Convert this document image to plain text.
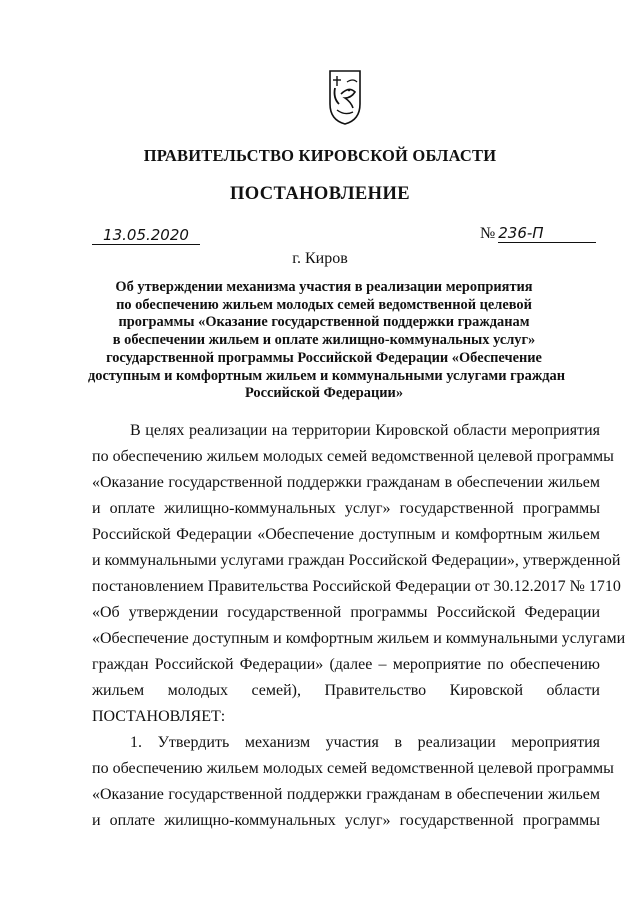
ПРАВИТЕЛЬСТВО КИРОВСКОЙ ОБЛАСТИ
ПОСТАНОВЛЕНИЕ
13.05.2020	№ 236-П
г. Киров
Об утверждении механизма участия в реализации мероприятия
по обеспечению жильем молодых семей ведомственной целевой
программы «Оказание государственной поддержки гражданам
в обеспечении жильем и оплате жилищно-коммунальных услуг»
государственной программы Российской Федерации «Обеспечение
доступным и комфортным жильем и коммунальными услугами граждан
Российской Федерации»
В целях реализации на территории Кировской области мероприятия
по обеспечению жильем молодых семей ведомственной целевой программы
«Оказание государственной поддержки гражданам в обеспечении жильем
и оплате жилищно-коммунальных услуг» государственной программы
Российской Федерации «Обеспечение доступным и комфортным жильем
и коммунальными услугами граждан Российской Федерации», утвержденной
постановлением Правительства Российской Федерации от 30.12.2017 № 1710
«Об утверждении государственной программы Российской Федерации
«Обеспечение доступным и комфортным жильем и коммунальными услугами
граждан Российской Федерации» (далее – мероприятие по обеспечению
жильем молодых семей), Правительство Кировской области
ПОСТАНОВЛЯЕТ:
1. Утвердить механизм участия в реализации мероприятия
по обеспечению жильем молодых семей ведомственной целевой программы
«Оказание государственной поддержки гражданам в обеспечении жильем
и оплате жилищно-коммунальных услуг» государственной программы
